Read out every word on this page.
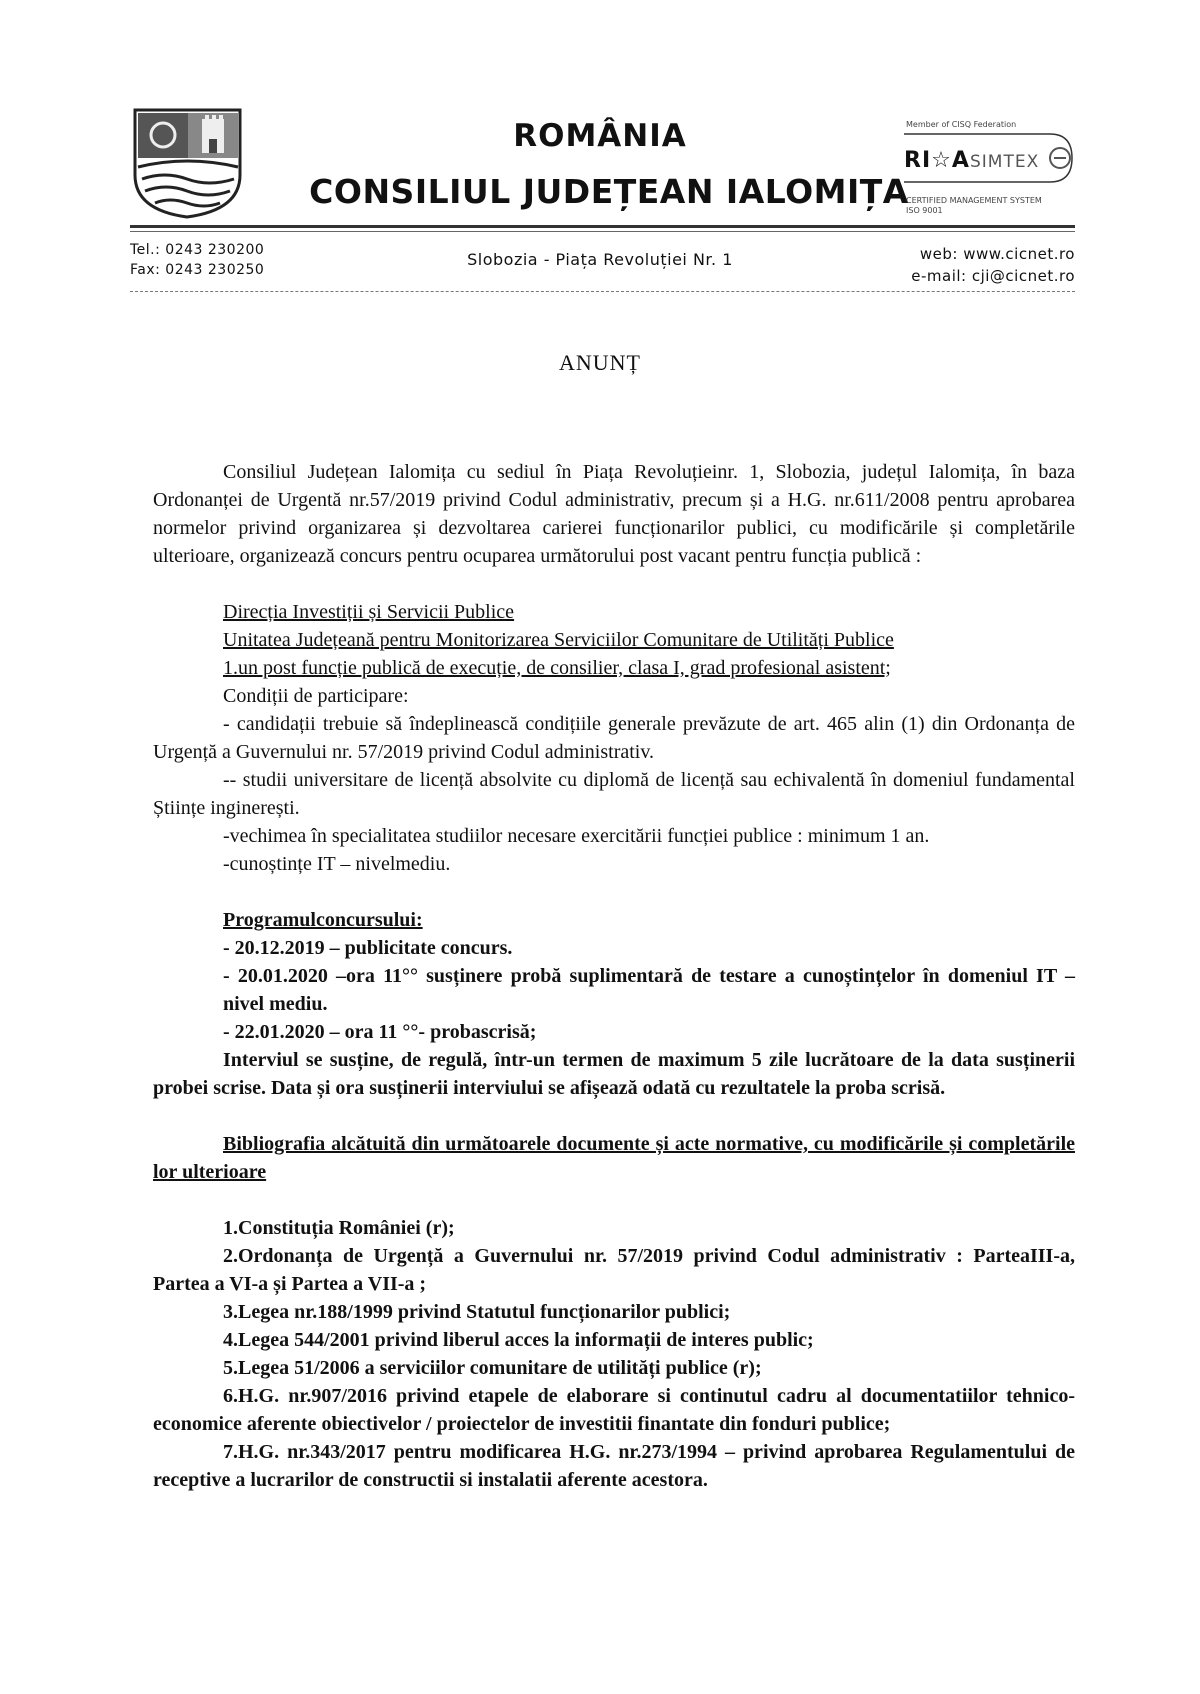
ROMÂNIA
CONSILIUL JUDEȚEAN IALOMIȚA
Member of CISQ Federation
RI☆A SIMTEX
CERTIFIED MANAGEMENT SYSTEM
ISO 9001
Tel.: 0243 230200
Fax: 0243 230250
Slobozia - Piața Revoluției Nr. 1	web: www.cicnet.ro
e-mail: cji@cicnet.ro
ANUNȚ

Consiliul Județean Ialomița cu sediul în Piața Revoluțieinr. 1, Slobozia, județul Ialomița, în baza Ordonanței de Urgentă nr.57/2019 privind Codul administrativ, precum și a H.G. nr.611/2008 pentru aprobarea normelor privind organizarea și dezvoltarea carierei funcționarilor publici, cu modificările și completările ulterioare, organizează concurs pentru ocuparea următorului post vacant pentru funcția publică :

Direcția Investiții și Servicii Publice

Unitatea Județeană pentru Monitorizarea Serviciilor Comunitare de Utilități Publice

1.un post funcție publică de execuție, de consilier, clasa I, grad profesional asistent;

Condiții de participare:

- candidații trebuie să îndeplinească condițiile generale prevăzute de art. 465 alin (1) din Ordonanța de Urgență a Guvernului nr. 57/2019 privind Codul administrativ.

-- studii universitare de licență absolvite cu diplomă de licență sau echivalentă în domeniul fundamental Științe inginerești.

-vechimea în specialitatea studiilor necesare exercitării funcției publice : minimum 1 an.

-cunoștințe IT – nivelmediu.

Programulconcursului:

- 20.12.2019 – publicitate concurs.

- 20.01.2020 –ora 11°° susținere probă suplimentară de testare a cunoștințelor în domeniul IT – nivel mediu.

- 22.01.2020 – ora 11 °°- probascrisă;

Interviul se susține, de regulă, într-un termen de maximum 5 zile lucrătoare de la data susținerii probei scrise. Data și ora susținerii interviului se afișează odată cu rezultatele la proba scrisă.

Bibliografia alcătuită din următoarele documente și acte normative, cu modificările și completările lor ulterioare

1.Constituția României (r);

2.Ordonanța de Urgență a Guvernului nr. 57/2019 privind Codul administrativ : ParteaIII-a, Partea a VI-a și Partea a VII-a ;

3.Legea nr.188/1999 privind Statutul funcționarilor publici;

4.Legea 544/2001 privind liberul acces la informații de interes public;

5.Legea 51/2006 a serviciilor comunitare de utilități publice (r);

6.H.G. nr.907/2016 privind etapele de elaborare si continutul cadru al documentatiilor tehnico-economice aferente obiectivelor / proiectelor de investitii finantate din fonduri publice;

7.H.G. nr.343/2017 pentru modificarea H.G. nr.273/1994 – privind aprobarea Regulamentului de receptive a lucrarilor de constructii si instalatii aferente acestora.
